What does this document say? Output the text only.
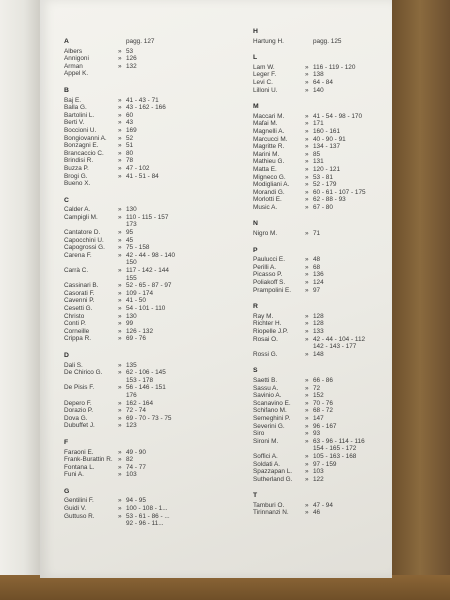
A	pagg. 127
Albers	» 53
Annigoni	» 126
Arman	» 132
Appel K.
B
Baj E.	» 41 - 43 - 71
Balla G.	» 43 - 162 - 166
Bartolini L.	» 60
Berti V.	» 43
Boccioni U.	» 169
Bongiovanni A.	» 52
Bonzagni E.	» 51
Brancaccio C.	» 80
Brindisi R.	» 78
Buzza P.	» 47 - 102
Brogi G.	» 41 - 51 - 84
Bueno X.
C
Calder A.	» 130
Campigli M.	» 110 - 115 - 157
173
Cantatore D.	» 95
Capocchini U.	» 45
Capogrossi G.	» 75 - 158
Carena F.	» 42 - 44 - 98 - 140
150
Carrà C.	» 117 - 142 - 144
155
Cassinari B.	» 52 - 65 - 87 - 97
Casorati F.	» 109 - 174
Cavenni P.	» 41 - 50
Cesetti G.	» 54 - 101 - 110
Christo	» 130
Conti P.	» 99
Corneille	» 126 - 132
Crippa R.	» 69 - 76
D
Dali S.	» 135
De Chirico G.	» 62 - 106 - 145
153 - 178
De Pisis F.	» 56 - 146 - 151
176
Depero F.	» 162 - 164
Dorazio P.	» 72 - 74
Dova G.	» 69 - 70 - 73 - 75
Dubuffet J.	» 123
F
Faraoni E.	» 49 - 90
Frank-Burattin R. » 82
Fontana L.	» 74 - 77
Funi A.	» 103
G
Gentilini F.	» 94 - 95
Guidi V.	» 100 - 108 - 1...
Guttuso R.	» 53 - 61 - 86 - ...
92 - 96 - 11...
H
Hartung H.	pagg. 125
L
Lam W.	» 116 - 119 - 120
Leger F.	» 138
Levi C.	» 64 - 84
Lilloni U.	» 140
M
Maccari M.	» 41 - 54 - 98 - 170
Mafai M.	» 171
Magnelli A.	» 160 - 161
Marcucci M.	» 40 - 90 - 91
Magritte R.	» 134 - 137
Marini M.	» 85
Mathieu G.	» 131
Matta E.	» 120 - 121
Migneco G.	» 53 - 81
Modigliani A.	» 52 - 179
Morandi G.	» 60 - 61 - 107 - 175
Morlotti E.	» 62 - 88 - 93
Music A.	» 67 - 80
N
Nigro M.	» 71
P
Paulucci E.	» 48
Perilli A.	» 68
Picasso P.	» 136
Poliakoff S.	» 124
Prampolini E.	» 97
R
Ray M.	» 128
Richter H.	» 128
Riopelle J.P.	» 133
Rosai O.	» 42 - 44 - 104 - 112
142 - 143 - 177
Rossi G.	» 148
S
Saetti B.	» 66 - 86
Sassu A.	» 72
Savinio A.	» 152
Scanavino E.	» 70 - 76
Schifano M.	» 68 - 72
Semeghini P.	» 147
Severini G.	» 96 - 167
Siro	» 93
Sironi M.	» 63 - 96 - 114 - 116
154 - 165 - 172
Soffici A.	» 105 - 163 - 168
Soldati A.	» 97 - 159
Spazzapan L.	» 103
Sutherland G.	» 122
T
Tamburi O.	» 47 - 94
Tirinnanzi N.	» 46
